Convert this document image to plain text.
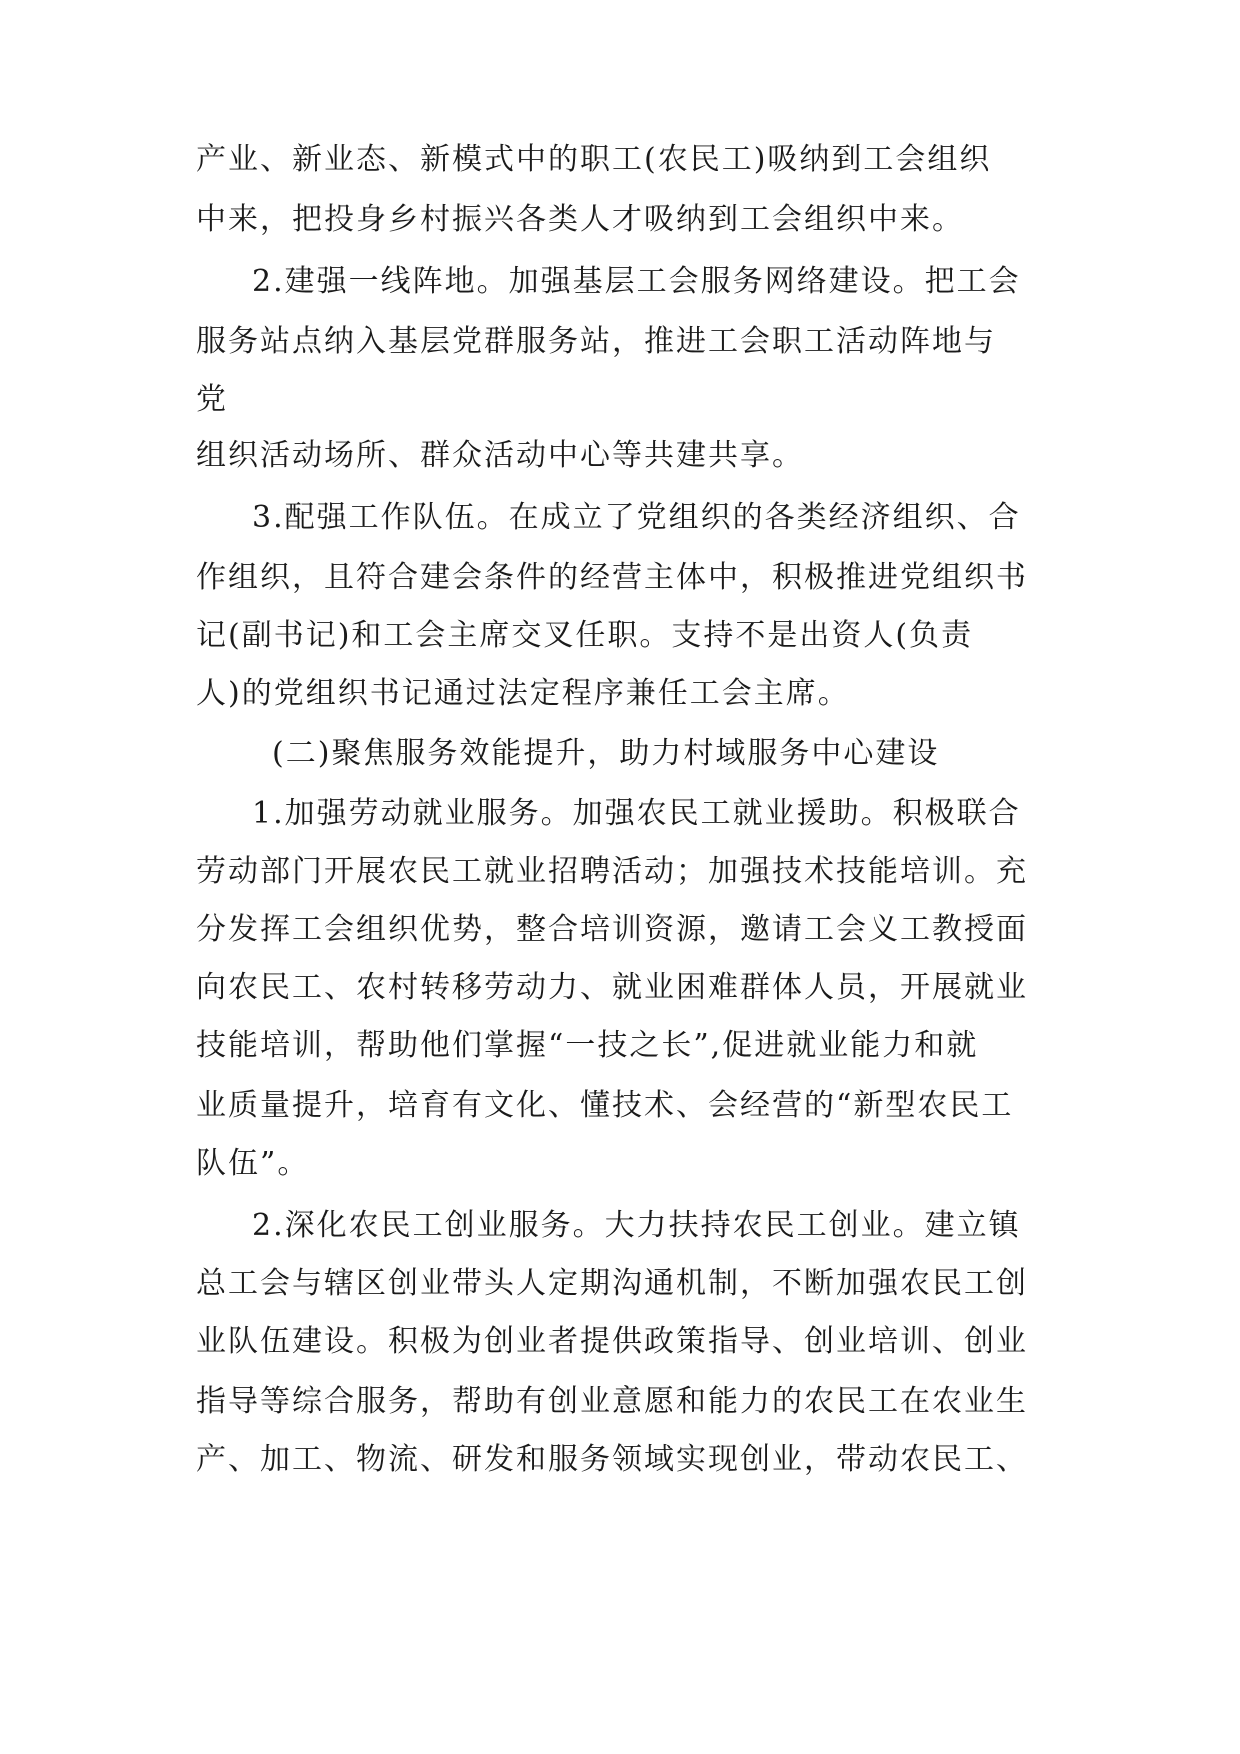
产业、新业态、新模式中的职工(农民工)吸纳到工会组织
中来，把投身乡村振兴各类人才吸纳到工会组织中来。
2.建强一线阵地。加强基层工会服务网络建设。把工会
服务站点纳入基层党群服务站，推进工会职工活动阵地与
党
组织活动场所、群众活动中心等共建共享。
3.配强工作队伍。在成立了党组织的各类经济组织、合
作组织，且符合建会条件的经营主体中，积极推进党组织书
记(副书记)和工会主席交叉任职。支持不是出资人(负责
人)的党组织书记通过法定程序兼任工会主席。
(二)聚焦服务效能提升，助力村域服务中心建设
1.加强劳动就业服务。加强农民工就业援助。积极联合
劳动部门开展农民工就业招聘活动；加强技术技能培训。充
分发挥工会组织优势，整合培训资源，邀请工会义工教授面
向农民工、农村转移劳动力、就业困难群体人员，开展就业
技能培训，帮助他们掌握“一技之长”,促进就业能力和就
业质量提升，培育有文化、懂技术、会经营的“新型农民工
队伍”。
2.深化农民工创业服务。大力扶持农民工创业。建立镇
总工会与辖区创业带头人定期沟通机制，不断加强农民工创
业队伍建设。积极为创业者提供政策指导、创业培训、创业
指导等综合服务，帮助有创业意愿和能力的农民工在农业生
产、加工、物流、研发和服务领域实现创业，带动农民工、
